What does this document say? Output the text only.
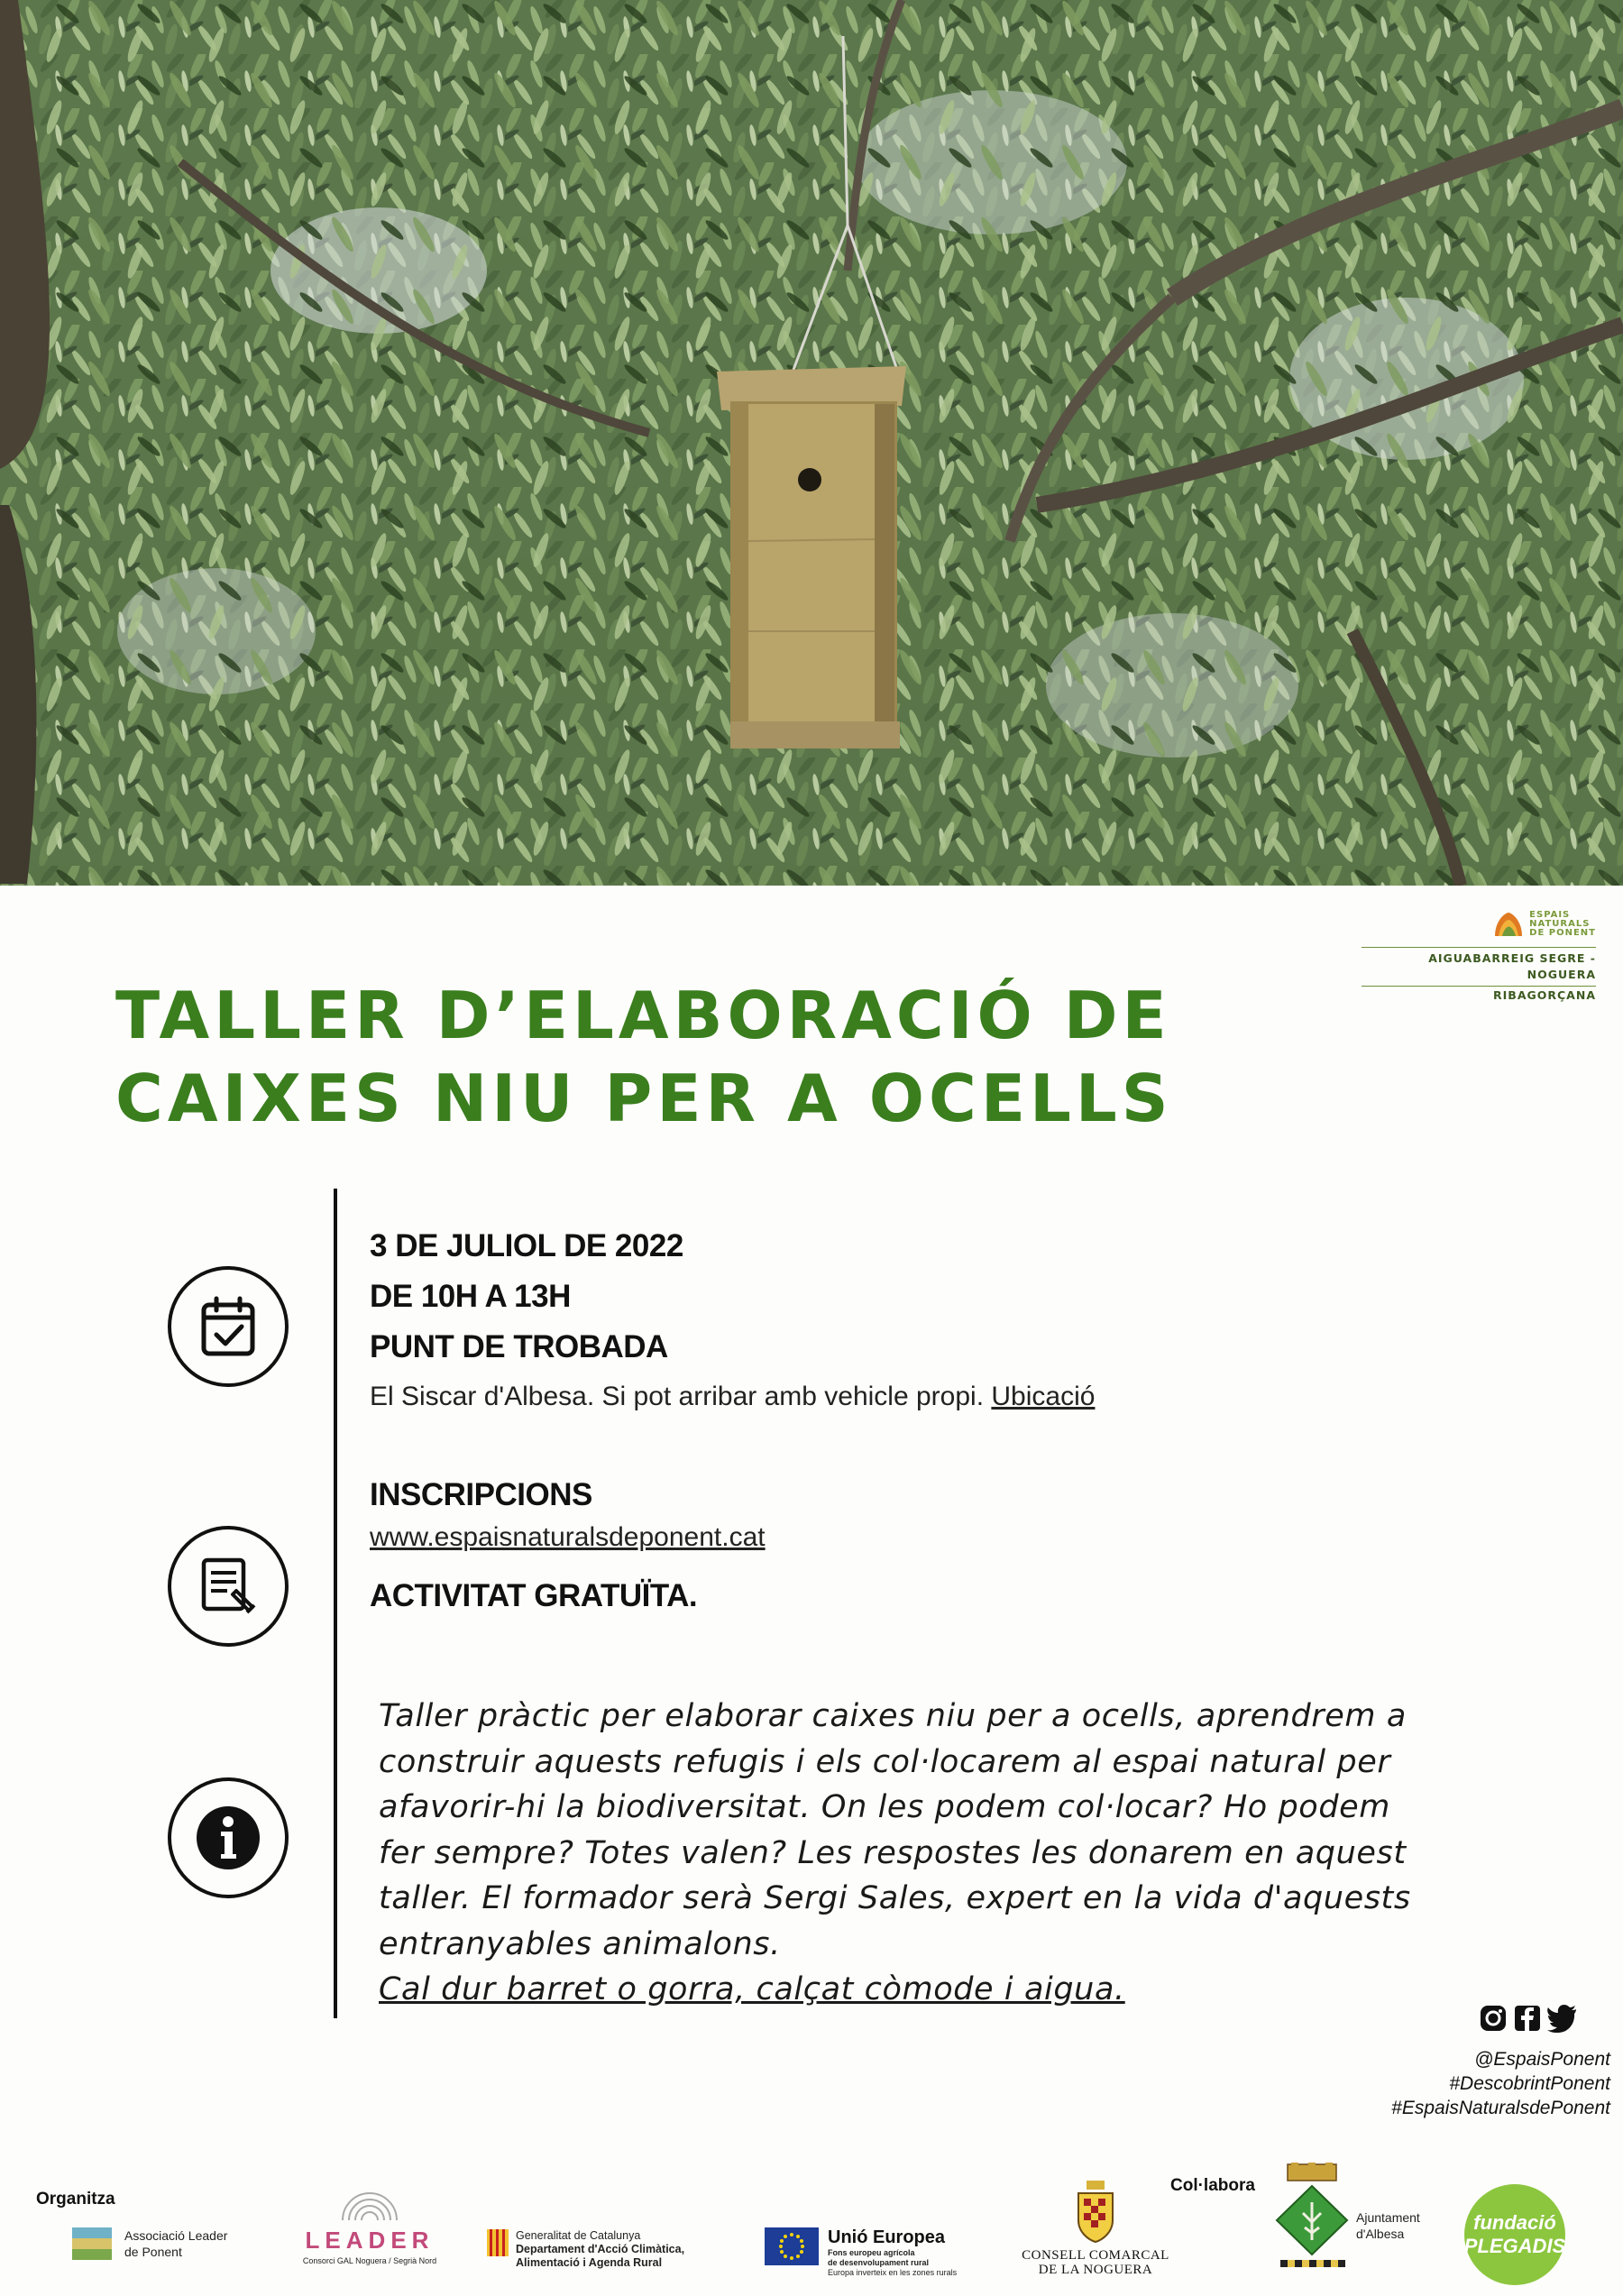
ESPAIS
NATURALS
DE PONENT
AIGUABARREIG SEGRE - NOGUERA
RIBAGORÇANA
TALLER D’ELABORACIÓ DE
CAIXES NIU PER A OCELLS
3 DE JULIOL DE 2022
DE 10H A 13H
PUNT DE TROBADA
El Siscar d'Albesa. Si pot arribar amb vehicle propi. Ubicació
INSCRIPCIONS
www.espaisnaturalsdeponent.cat
ACTIVITAT GRATUÏTA.
Taller pràctic per elaborar caixes niu per a ocells, aprendrem a
construir aquests refugis i els col·locarem al espai natural per
afavorir-hi la biodiversitat. On les podem col·locar? Ho podem
fer sempre? Totes valen? Les respostes les donarem en aquest
taller. El formador serà Sergi Sales, expert en la vida d'aquests
entranyables animalons.
Cal dur barret o gorra, calçat còmode i aigua.
@EspaisPonent
#DescobrintPonent
#EspaisNaturalsdePonent
Organitza
Col·labora
Associació Leader
de Ponent	LEADER
Consorci GAL Noguera / Segrià Nord
Generalitat de Catalunya
Departament d'Acció Climàtica,
Alimentació i Agenda Rural
Unió Europea
Fons europeu agrícola
de desenvolupament rural
Europa inverteix en les zones rurals
CONSELL COMARCAL
DE LA NOGUERA
Ajuntament
d'Albesa	fundació
PLEGADIS
